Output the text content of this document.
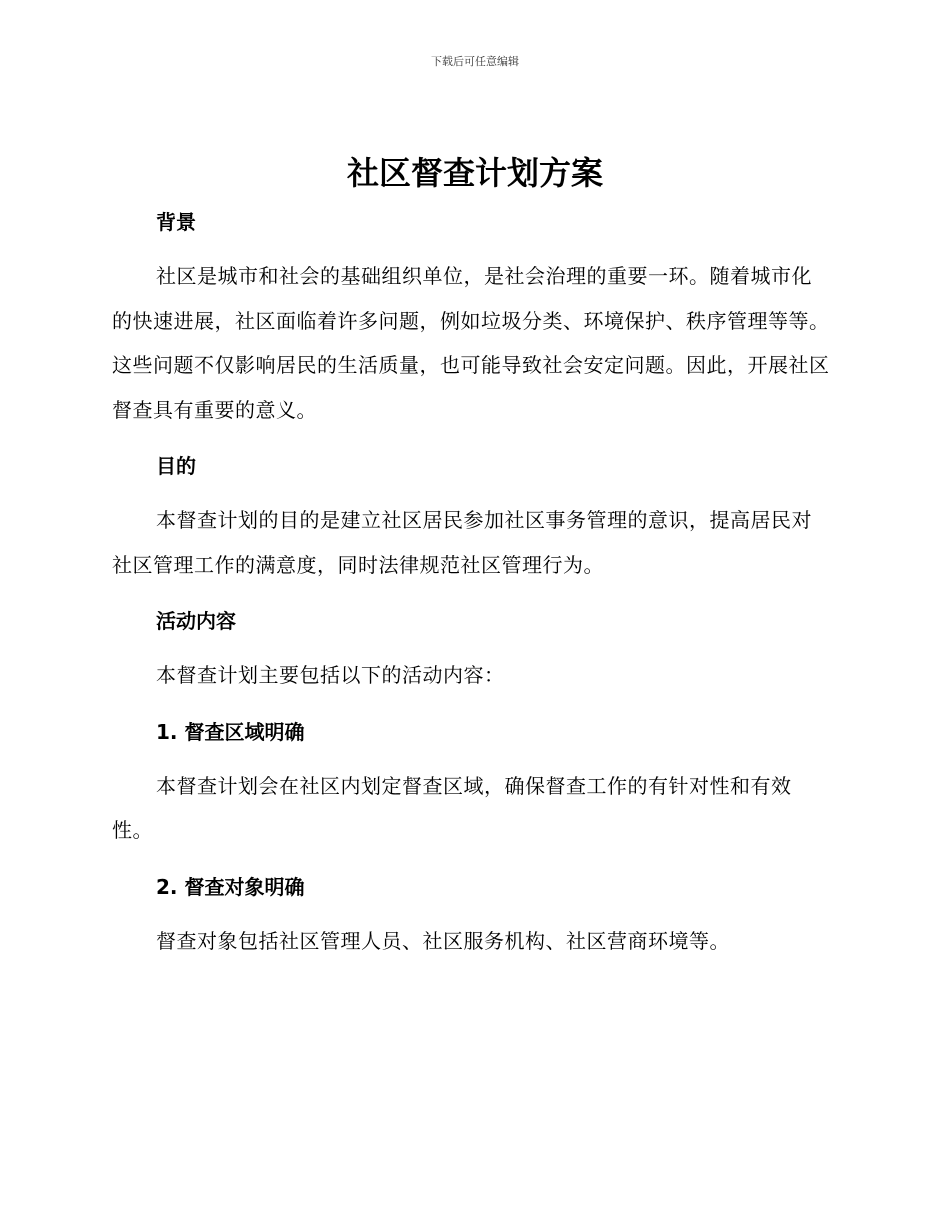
下载后可任意编辑
社区督查计划方案
背景

社区是城市和社会的基础组织单位，是社会治理的重要一环。随着城市化的快速进展，社区面临着许多问题，例如垃圾分类、环境保护、秩序管理等等。这些问题不仅影响居民的生活质量，也可能导致社会安定问题。因此，开展社区督查具有重要的意义。

目的

本督查计划的目的是建立社区居民参加社区事务管理的意识，提高居民对社区管理工作的满意度，同时法律规范社区管理行为。

活动内容

本督查计划主要包括以下的活动内容：

1. 督查区域明确

本督查计划会在社区内划定督查区域，确保督查工作的有针对性和有效性。

2. 督查对象明确

督查对象包括社区管理人员、社区服务机构、社区营商环境等。
